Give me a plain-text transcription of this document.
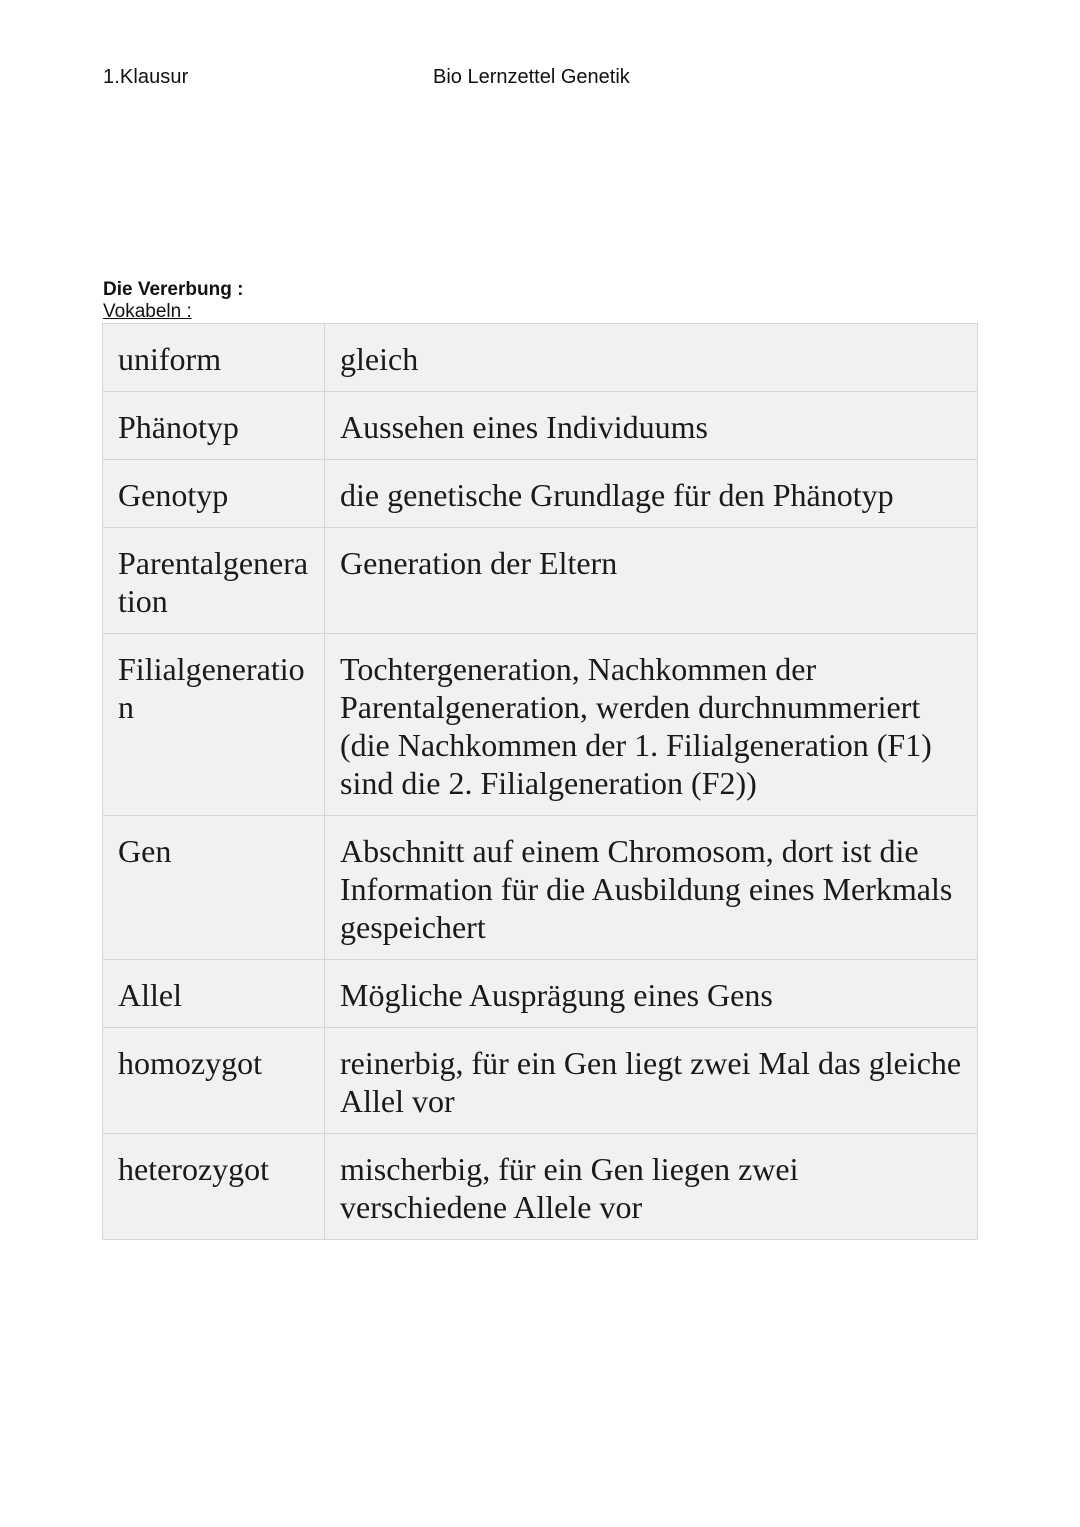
1.Klausur	Bio Lernzettel Genetik
Die Vererbung :
Vokabeln :
uniform	gleich
Phänotyp	Aussehen eines Individuums
Genotyp	die genetische Grundlage für den Phänotyp
Parentalgeneration	Generation der Eltern
Filialgeneration	Tochtergeneration, Nachkommen der Parentalgeneration, werden durchnummeriert (die Nachkommen der 1. Filialgeneration (F1) sind die 2. Filialgeneration (F2))
Gen	Abschnitt auf einem Chromosom, dort ist die Information für die Ausbildung eines Merkmals gespeichert
Allel	Mögliche Ausprägung eines Gens
homozygot	reinerbig, für ein Gen liegt zwei Mal das gleiche Allel vor
heterozygot	mischerbig, für ein Gen liegen zwei verschiedene Allele vor
